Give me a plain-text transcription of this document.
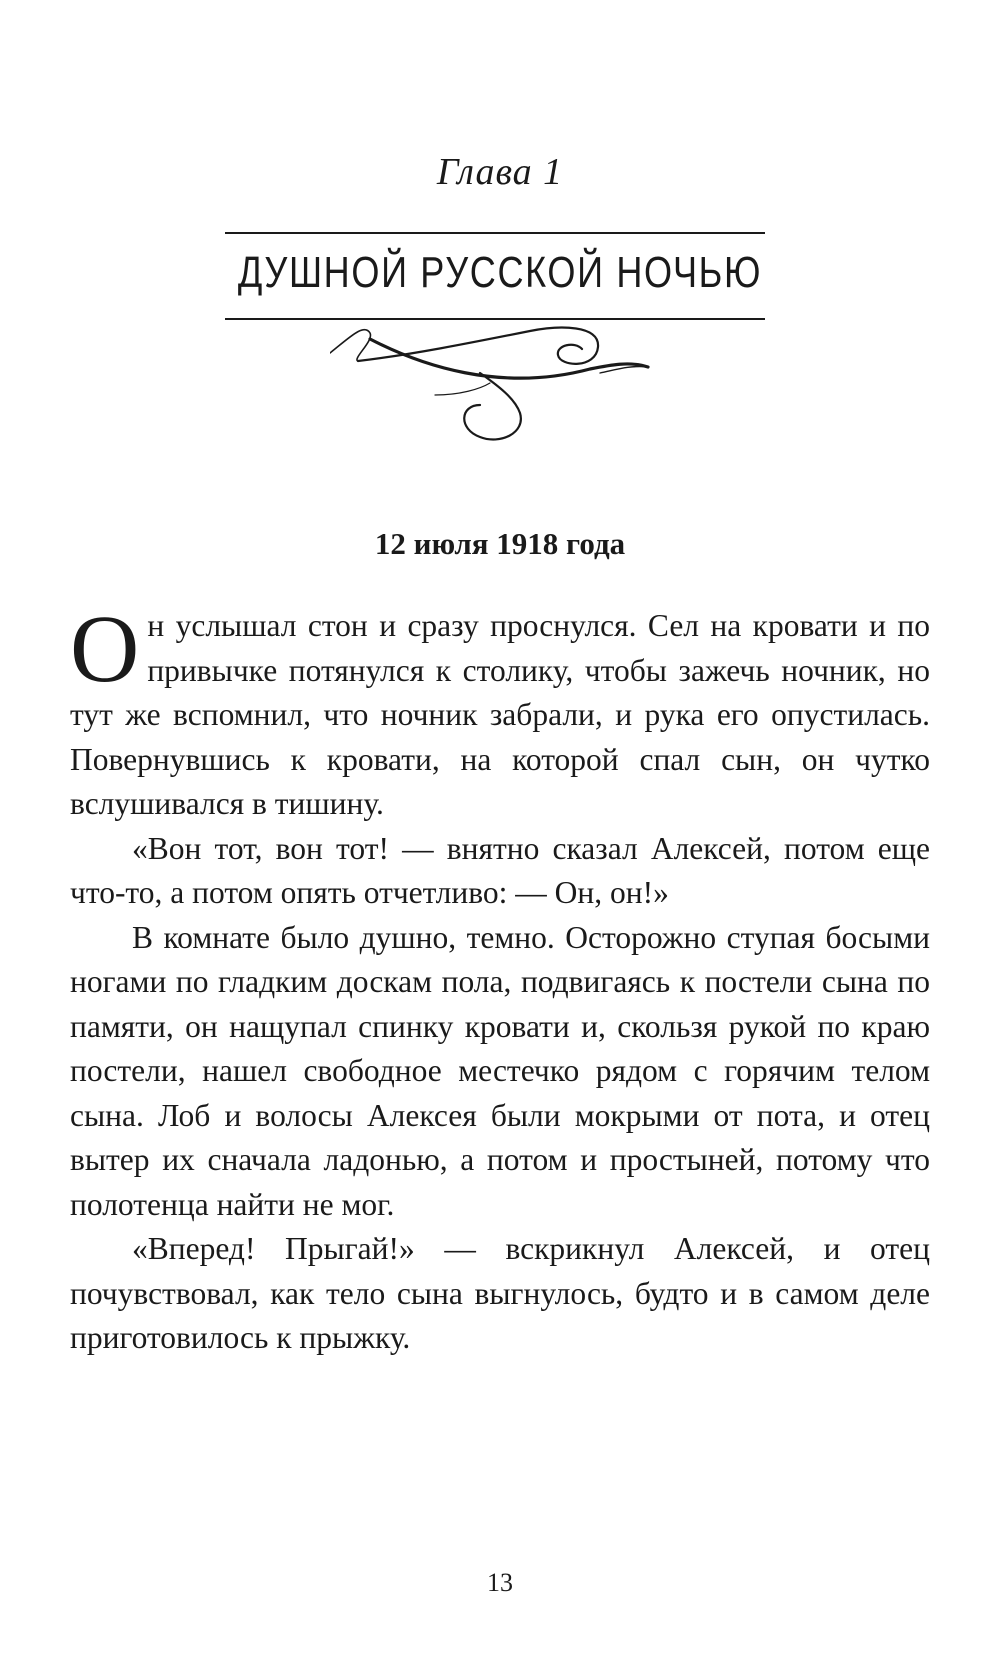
Глава 1
ДУШНОЙ РУССКОЙ НОЧЬЮ
12 июля 1918 года

Он услышал стон и сразу проснулся. Сел на кровати и по привычке потянулся к столику, чтобы зажечь ночник, но тут же вспомнил, что ночник забрали, и рука его опустилась. Повернувшись к кровати, на которой спал сын, он чутко вслушивался в тишину.

«Вон тот, вон тот! — внятно сказал Алексей, потом еще что-то, а потом опять отчетливо: — Он, он!»

В комнате было душно, темно. Осторожно ступая босыми ногами по гладким доскам пола, подвигаясь к постели сына по памяти, он нащупал спинку кровати и, скользя рукой по краю постели, нашел свободное местечко рядом с горячим телом сына. Лоб и волосы Алексея были мокрыми от пота, и отец вытер их сначала ладонью, а потом и простыней, потому что полотенца найти не мог.

«Вперед! Прыгай!» — вскрикнул Алексей, и отец почувствовал, как тело сына выгнулось, будто и в самом деле приготовилось к прыжку.

13
